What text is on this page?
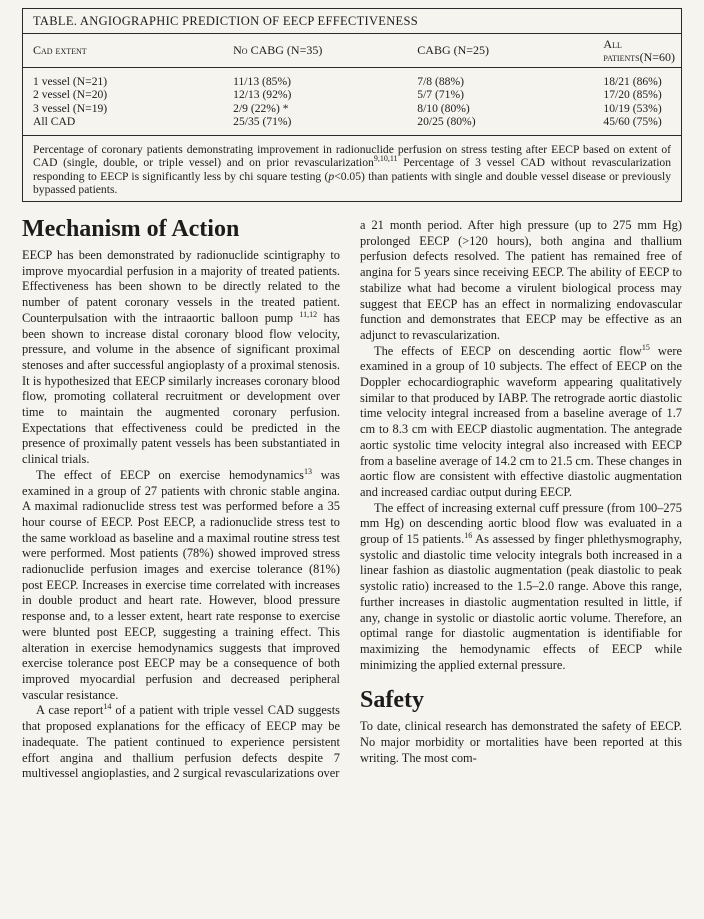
TABLE. ANGIOGRAPHIC PREDICTION OF EECP EFFECTIVENESS
Cad extent	No CABG (N=35)	CABG (N=25)	All patients(N=60)
1 vessel (N=21)	11/13 (85%)	7/8 (88%)	18/21 (86%)
2 vessel (N=20)	12/13 (92%)	5/7 (71%)	17/20 (85%)
3 vessel (N=19)	2/9 (22%) *	8/10 (80%)	10/19 (53%)
All CAD	25/35 (71%)	20/25 (80%)	45/60 (75%)
Percentage of coronary patients demonstrating improvement in radionuclide perfusion on stress testing after EECP based on extent of CAD (single, double, or triple vessel) and on prior revascularization$^{9,10,11}$ Percentage of 3 vessel CAD without revascularization responding to EECP is significantly less by chi square testing (p<0.05) than patients with single and double vessel disease or previously bypassed patients.
Mechanism of Action

EECP has been demonstrated by radionuclide scintigraphy to improve myocardial perfusion in a majority of treated patients. Effectiveness has been shown to be directly related to the number of patent coronary vessels in the treated patient. Counterpulsation with the intraaortic balloon pump $^{11,12}$ has been shown to increase distal coronary blood flow velocity, pressure, and volume in the absence of significant proximal stenoses and after successful angioplasty of a proximal stenosis. It is hypothesized that EECP similarly increases coronary blood flow, promoting collateral recruitment or development over time to maintain the augmented coronary perfusion. Expectations that effectiveness could be predicted in the presence of proximally patent vessels has been substantiated in clinical trials.

The effect of EECP on exercise hemodynamics$^{13}$ was examined in a group of 27 patients with chronic stable angina. A maximal radionuclide stress test was performed before a 35 hour course of EECP. Post EECP, a radionuclide stress test to the same workload as baseline and a maximal routine stress test were performed. Most patients (78%) showed improved stress radionuclide perfusion images and exercise tolerance (81%) post EECP. Increases in exercise time correlated with increases in double product and heart rate. However, blood pressure response and, to a lesser extent, heart rate response to exercise were blunted post EECP, suggesting a training effect. This alteration in exercise hemodynamics suggests that improved exercise tolerance post EECP may be a consequence of both improved myocardial perfusion and decreased peripheral vascular resistance.

A case report$^{14}$ of a patient with triple vessel CAD suggests that proposed explanations for the efficacy of EECP may be inadequate. The patient continued to experience persistent effort angina and thallium perfusion defects despite 7 multivessel angioplasties, and 2 surgical revascularizations over

a 21 month period. After high pressure (up to 275 mm Hg) prolonged EECP (>120 hours), both angina and thallium perfusion defects resolved. The patient has remained free of angina for 5 years since receiving EECP. The ability of EECP to stabilize what had become a virulent biological process may suggest that EECP has an effect in normalizing endovascular function and demonstrates that EECP may be effective as an adjunct to revascularization.

The effects of EECP on descending aortic flow$^{15}$ were examined in a group of 10 subjects. The effect of EECP on the Doppler echocardiographic waveform appearing qualitatively similar to that produced by IABP. The retrograde aortic diastolic time velocity integral increased from a baseline average of 1.7 cm to 8.3 cm with EECP diastolic augmentation. The antegrade aortic systolic time velocity integral also increased with EECP from a baseline average of 14.2 cm to 21.5 cm. These changes in aortic flow are consistent with effective diastolic augmentation and increased cardiac output during EECP.

The effect of increasing external cuff pressure (from 100–275 mm Hg) on descending aortic blood flow was evaluated in a group of 15 patients.$^{16}$ As assessed by finger phlethysmography, systolic and diastolic time velocity integrals both increased in a linear fashion as diastolic augmentation (peak diastolic to peak systolic ratio) increased to the 1.5–2.0 range. Above this range, further increases in diastolic augmentation resulted in little, if any, change in systolic or diastolic aortic volume. Therefore, an optimal range for diastolic augmentation is identifiable for maximizing the hemodynamic effects of EECP while minimizing the applied external pressure.

Safety

To date, clinical research has demonstrated the safety of EECP. No major morbidity or mortalities have been reported at this writing. The most com-
